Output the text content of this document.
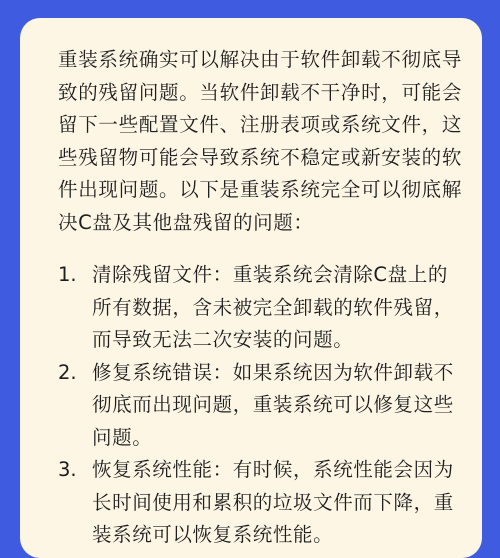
重装系统确实可以解决由于软件卸载不彻底导致的残留问题。当软件卸载不干净时，可能会留下一些配置文件、注册表项或系统文件，这些残留物可能会导致系统不稳定或新安装的软件出现问题。以下是重装系统完全可以彻底解决C盘及其他盘残留的问题：

1. 清除残留文件：重装系统会清除C盘上的所有数据，含未被完全卸载的软件残留，而导致无法二次安装的问题。
2. 修复系统错误：如果系统因为软件卸载不彻底而出现问题，重装系统可以修复这些问题。
3. 恢复系统性能：有时候，系统性能会因为长时间使用和累积的垃圾文件而下降，重装系统可以恢复系统性能。
